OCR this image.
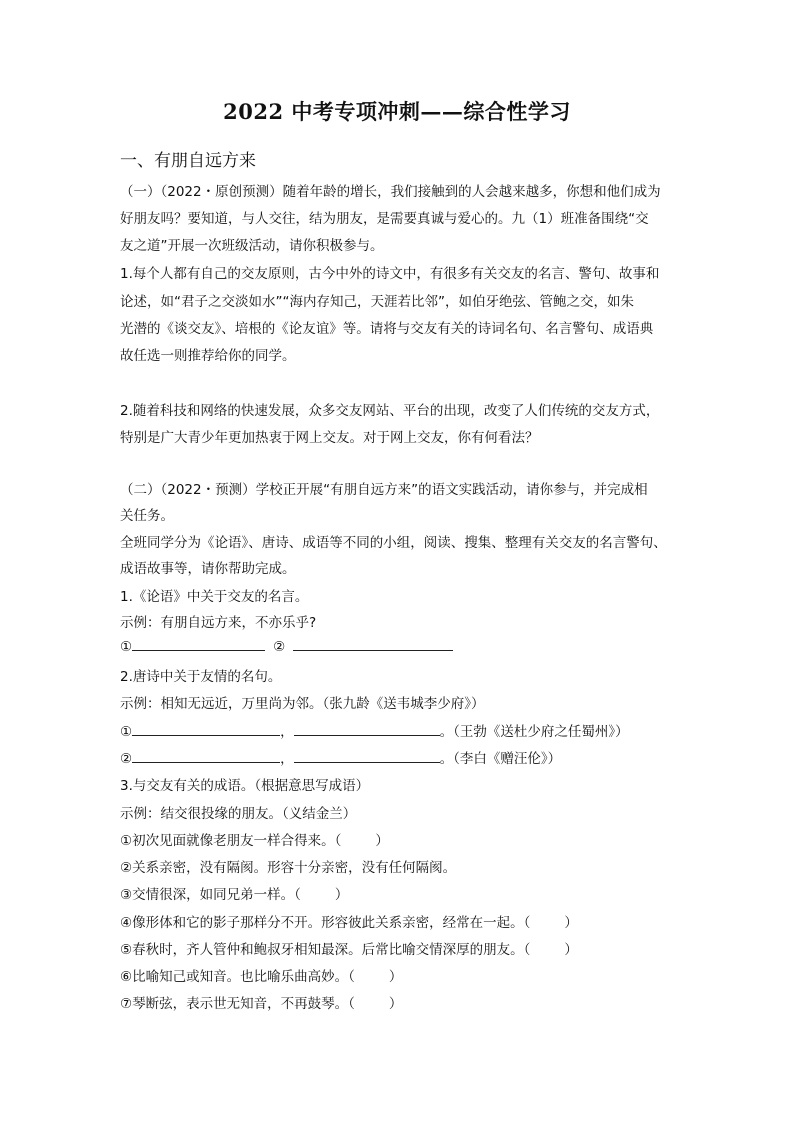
2022 中考专项冲刺——综合性学习
一、有朋自远方来
（一）（2022・原创预测）随着年龄的增长，我们接触到的人会越来越多，你想和他们成为
好朋友吗？要知道，与人交往，结为朋友，是需要真诚与爱心的。九（1）班准备围绕“交
友之道”开展一次班级活动，请你积极参与。
1.每个人都有自己的交友原则，古今中外的诗文中，有很多有关交友的名言、警句、故事和
论述，如“君子之交淡如水”“海内存知己，天涯若比邻”，如伯牙绝弦、管鲍之交，如朱
光潜的《谈交友》、培根的《论友谊》等。请将与交友有关的诗词名句、名言警句、成语典
故任选一则推荐给你的同学。
2.随着科技和网络的快速发展，众多交友网站、平台的出现，改变了人们传统的交友方式，
特别是广大青少年更加热衷于网上交友。对于网上交友，你有何看法？
（二）（2022・预测）学校正开展“有朋自远方来”的语文实践活动，请你参与，并完成相
关任务。
全班同学分为《论语》、唐诗、成语等不同的小组，阅读、搜集、整理有关交友的名言警句、
成语故事等，请你帮助完成。
1.《论语》中关于交友的名言。
示例：有朋自远方来，不亦乐乎?
①	②
2.唐诗中关于友情的名句。
示例：相知无远近，万里尚为邻。（张九龄《送韦城李少府》）
①	，	。（王勃《送杜少府之任蜀州》）
②	，	。（李白《赠汪伦》）
3.与交友有关的成语。（根据意思写成语）
示例：结交很投缘的朋友。（义结金兰）
①初次见面就像老朋友一样合得来。（	）
②关系亲密，没有隔阂。形容十分亲密，没有任何隔阂。
③交情很深，如同兄弟一样。（	）
④像形体和它的影子那样分不开。形容彼此关系亲密，经常在一起。（	）
⑤春秋时，齐人管仲和鲍叔牙相知最深。后常比喻交情深厚的朋友。（	）
⑥比喻知己或知音。也比喻乐曲高妙。（	）
⑦琴断弦，表示世无知音，不再鼓琴。（	）
